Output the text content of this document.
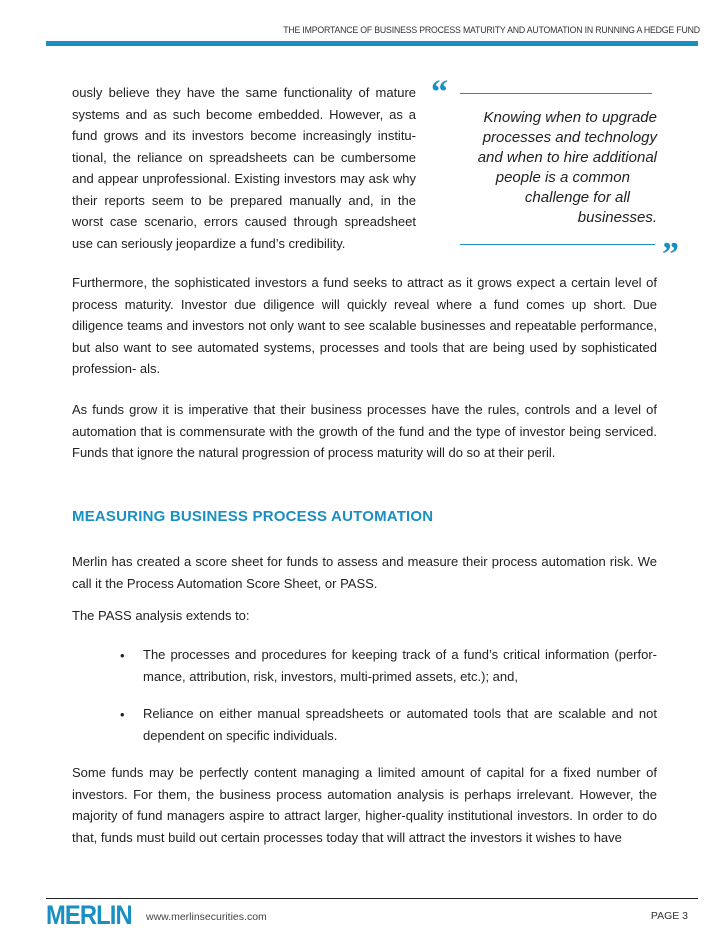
THE IMPORTANCE OF BUSINESS PROCESS MATURITY AND AUTOMATION IN RUNNING A HEDGE FUND

ously believe they have the same functionality of mature systems and as such become embedded. However, as a fund grows and its investors become increasingly institu- tional, the reliance on spreadsheets can be cumbersome and appear unprofessional. Existing investors may ask why their reports seem to be prepared manually and, in the worst case scenario, errors caused through spreadsheet use can seriously jeopardize a fund’s credibility.

“
Knowing when to upgrade
processes and technology
and when to hire additional
people is a common
challenge for all
businesses.
”

Furthermore, the sophisticated investors a fund seeks to attract as it grows expect a certain level of process maturity. Investor due diligence will quickly reveal where a fund comes up short. Due diligence teams and investors not only want to see scalable businesses and repeatable performance, but also want to see automated systems, processes and tools that are being used by sophisticated profession- als.

As funds grow it is imperative that their business processes have the rules, controls and a level of automation that is commensurate with the growth of the fund and the type of investor being serviced. Funds that ignore the natural progression of process maturity will do so at their peril.

MEASURING BUSINESS PROCESS AUTOMATION

Merlin has created a score sheet for funds to assess and measure their process automation risk. We call it the Process Automation Score Sheet, or PASS.

The PASS analysis extends to:

• The processes and procedures for keeping track of a fund’s critical information (perfor- mance, attribution, risk, investors, multi-primed assets, etc.); and,

• Reliance on either manual spreadsheets or automated tools that are scalable and not dependent on specific individuals.

Some funds may be perfectly content managing a limited amount of capital for a fixed number of investors. For them, the business process automation analysis is perhaps irrelevant. However, the majority of fund managers aspire to attract larger, higher-quality institutional investors. In order to do that, funds must build out certain processes today that will attract the investors it wishes to have

MERLIN www.merlinsecurities.com	PAGE 3
